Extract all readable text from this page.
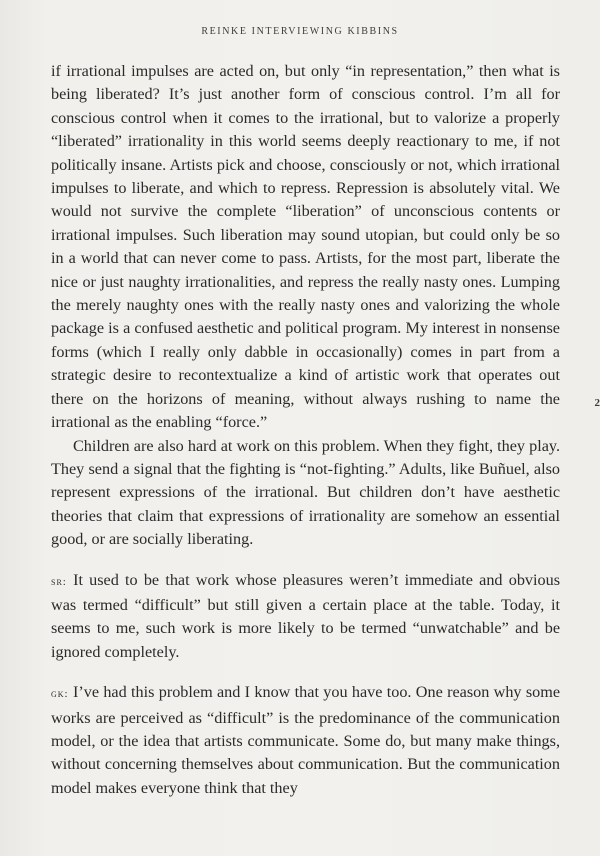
REINKE INTERVIEWING KIBBINS

if irrational impulses are acted on, but only “in representation,” then what is being liberated? It’s just another form of conscious control. I’m all for conscious control when it comes to the irrational, but to valorize a properly “liberated” irrationality in this world seems deeply reactionary to me, if not politically insane. Artists pick and choose, consciously or not, which irrational impulses to liberate, and which to repress. Repression is absolutely vital. We would not survive the complete “liberation” of unconscious contents or irrational impulses. Such liberation may sound utopian, but could only be so in a world that can never come to pass. Artists, for the most part, liberate the nice or just naughty irrationalities, and repress the really nasty ones. Lumping the merely naughty ones with the really nasty ones and valorizing the whole package is a confused aesthetic and political program. My interest in nonsense forms (which I really only dabble in occasionally) comes in part from a strategic desire to recontextualize a kind of artistic work that operates out there on the horizons of meaning, without always rushing to name the irrational as the enabling “force.”

Children are also hard at work on this problem. When they fight, they play. They send a signal that the fighting is “not-fighting.” Adults, like Buñuel, also represent expressions of the irrational. But children don’t have aesthetic theories that claim that expressions of irrationality are somehow an essential good, or are socially liberating.

sr: It used to be that work whose pleasures weren’t immediate and obvious was termed “difficult” but still given a certain place at the table. Today, it seems to me, such work is more likely to be termed “unwatchable” and be ignored completely.

gk: I’ve had this problem and I know that you have too. One reason why some works are perceived as “difficult” is the predominance of the communication model, or the idea that artists communicate. Some do, but many make things, without concerning themselves about communication. But the communication model makes everyone think that they

2
